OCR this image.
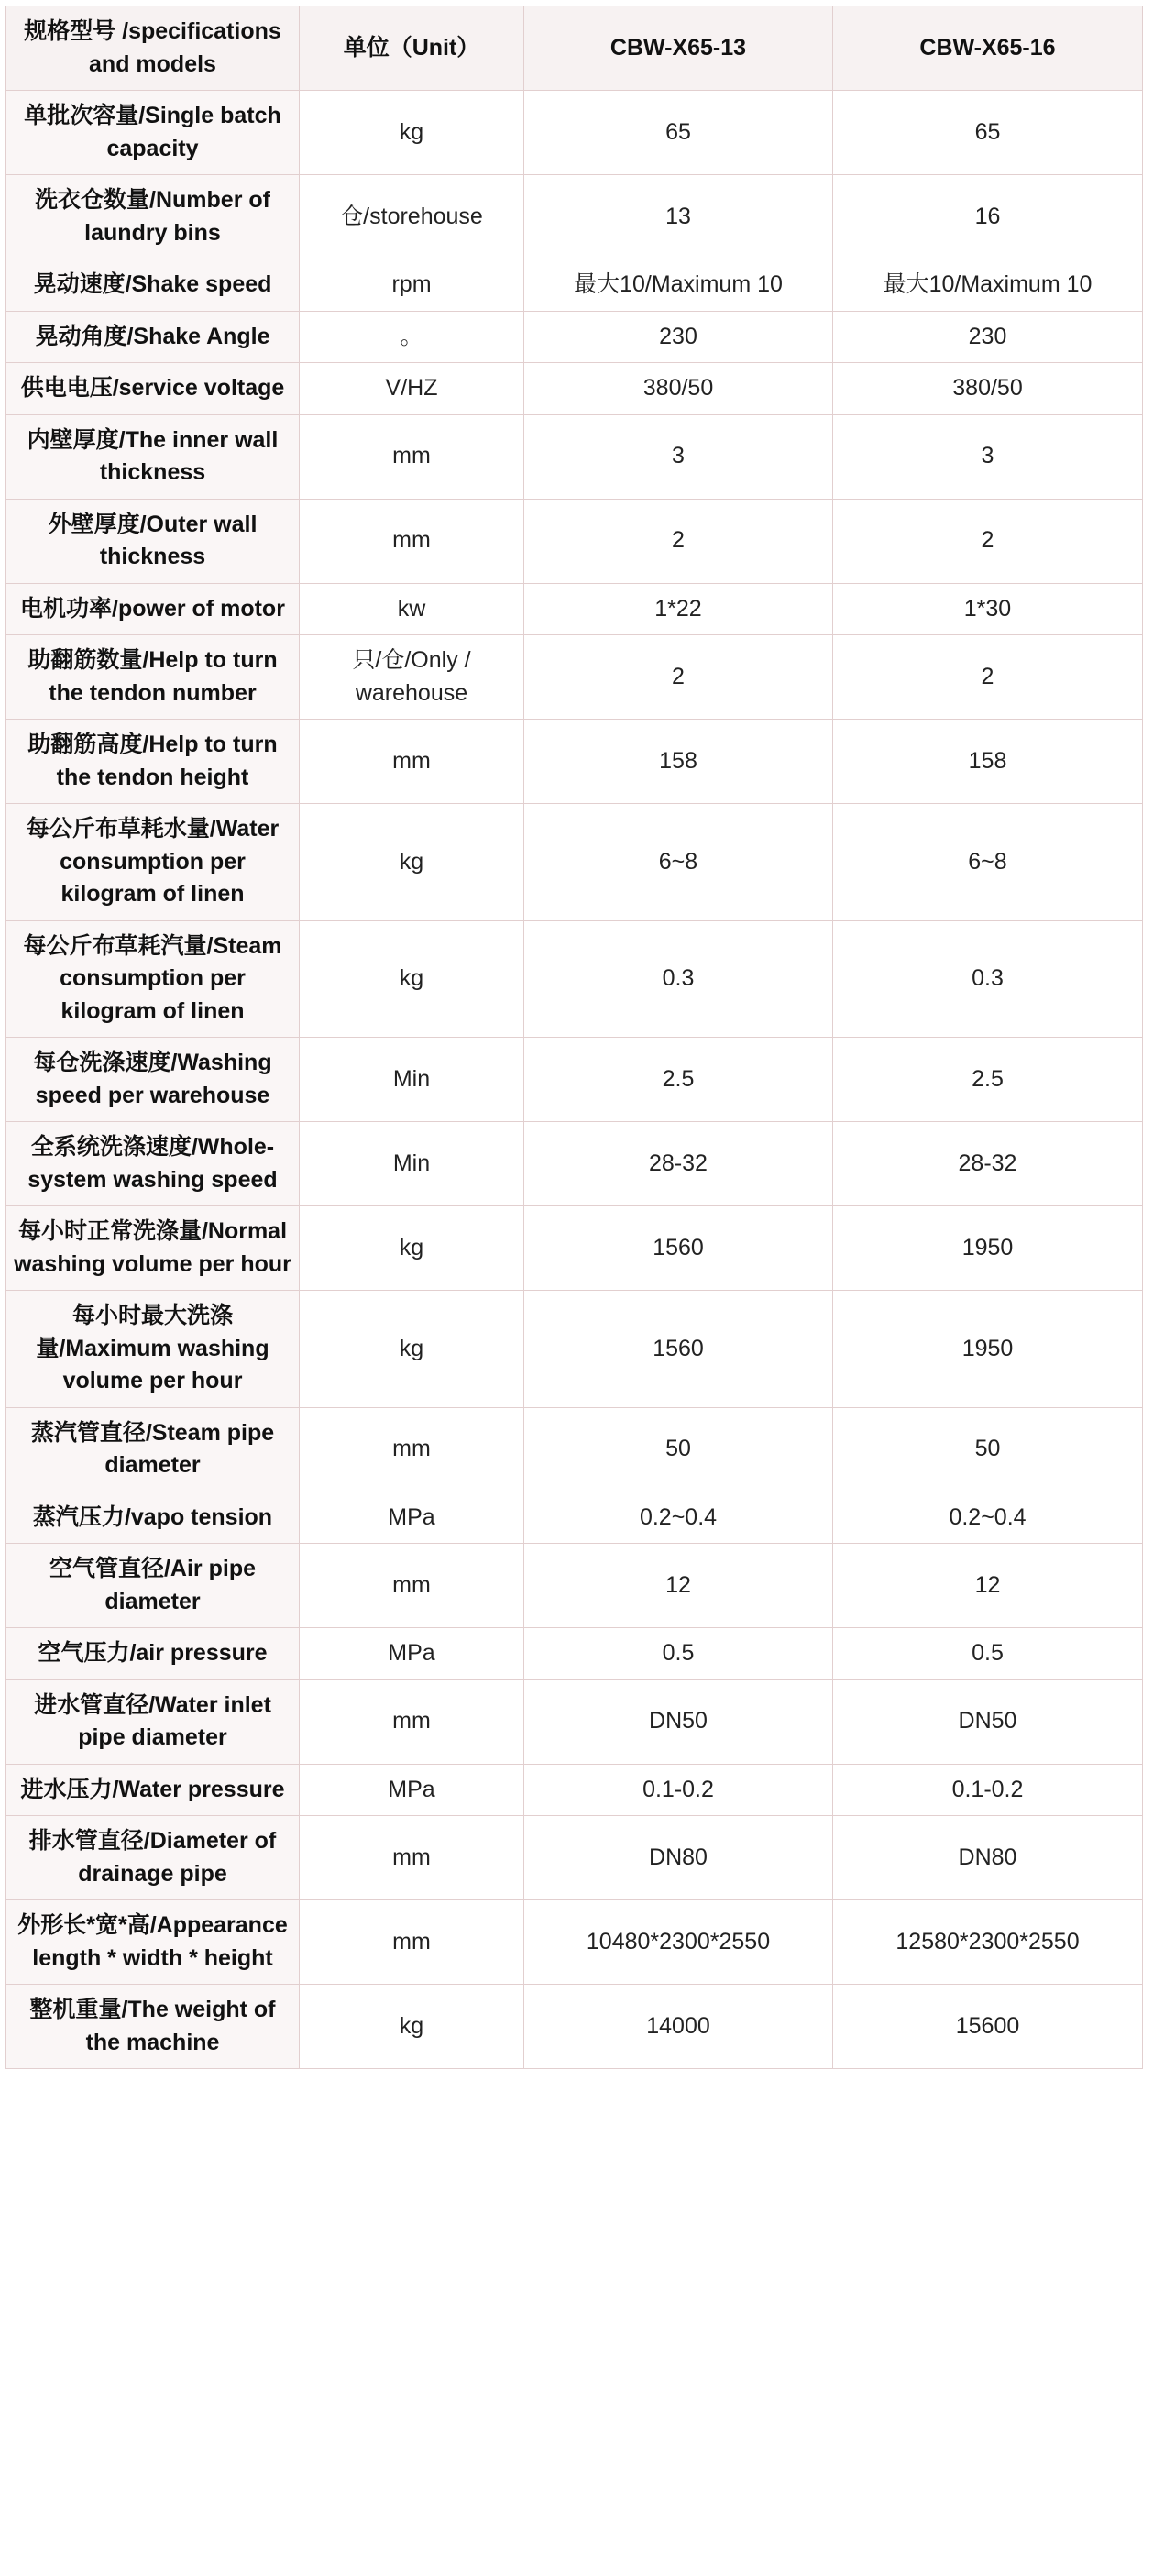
规格型号 /specifications and models	单位（Unit）	CBW-X65-13	CBW-X65-16
单批次容量/Single batch capacity	kg	65	65
洗衣仓数量/Number of laundry bins	仓/storehouse	13	16
晃动速度/Shake speed	rpm	最大10/Maximum 10	最大10/Maximum 10
晃动角度/Shake Angle	。	230	230
供电电压/service voltage	V/HZ	380/50	380/50
内壁厚度/The inner wall thickness	mm	3	3
外壁厚度/Outer wall thickness	mm	2	2
电机功率/power of motor	kw	1*22	1*30
助翻筋数量/Help to turn the tendon number	只/仓/Only / warehouse	2	2
助翻筋高度/Help to turn the tendon height	mm	158	158
每公斤布草耗水量/Water consumption per kilogram of linen	kg	6~8	6~8
每公斤布草耗汽量/Steam consumption per kilogram of linen	kg	0.3	0.3
每仓洗涤速度/Washing speed per warehouse	Min	2.5	2.5
全系统洗涤速度/Whole-system washing speed	Min	28-32	28-32
每小时正常洗涤量/Normal washing volume per hour	kg	1560	1950
每小时最大洗涤量/Maximum washing volume per hour	kg	1560	1950
蒸汽管直径/Steam pipe diameter	mm	50	50
蒸汽压力/vapo tension	MPa	0.2~0.4	0.2~0.4
空气管直径/Air pipe diameter	mm	12	12
空气压力/air pressure	MPa	0.5	0.5
进水管直径/Water inlet pipe diameter	mm	DN50	DN50
进水压力/Water pressure	MPa	0.1-0.2	0.1-0.2
排水管直径/Diameter of drainage pipe	mm	DN80	DN80
外形长*宽*高/Appearance length * width * height	mm	10480*2300*2550	12580*2300*2550
整机重量/The weight of the machine	kg	14000	15600
